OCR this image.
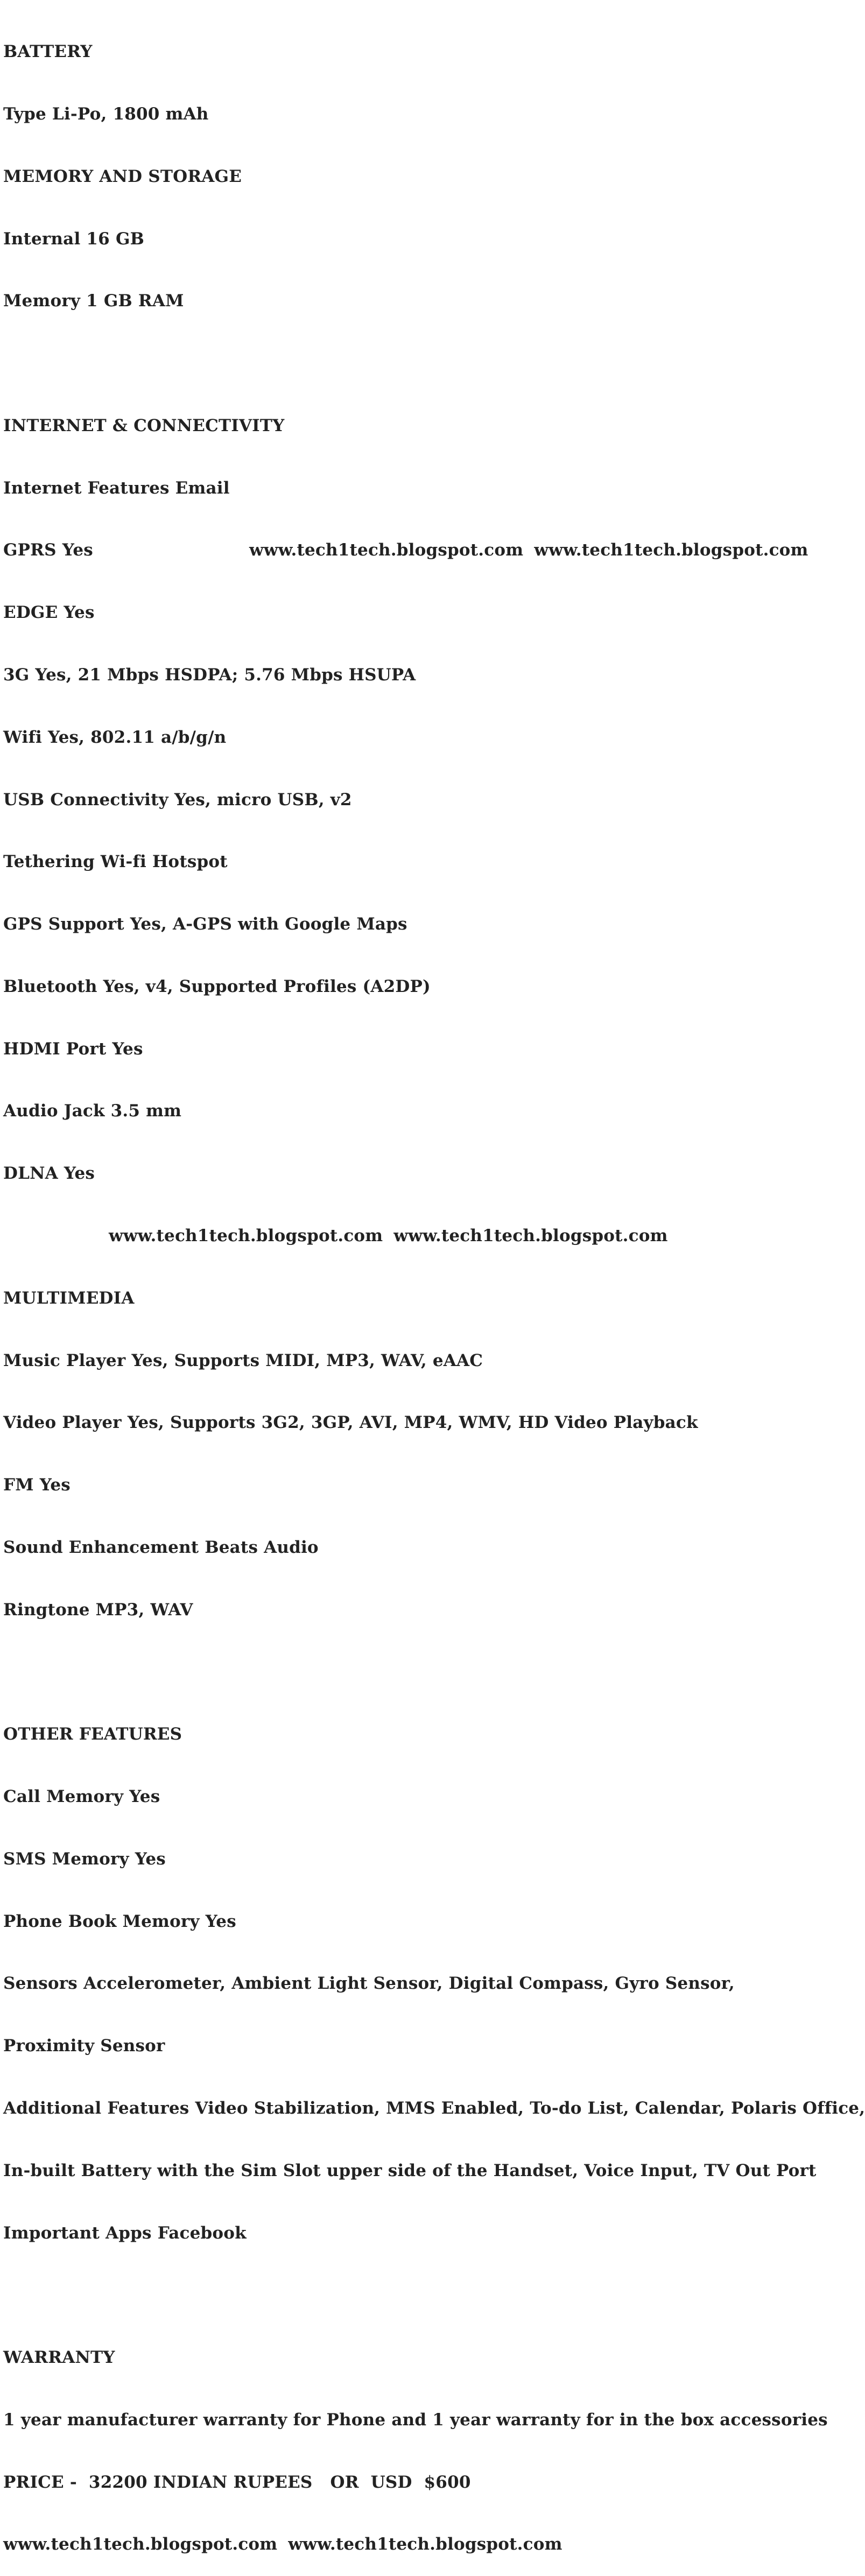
BATTERY

Type Li-Po, 1800 mAh

MEMORY AND STORAGE

Internal 16 GB

Memory 1 GB RAM

INTERNET & CONNECTIVITY

Internet Features Email

GPRS Yes	www.tech1tech.blogspot.com www.tech1tech.blogspot.com

EDGE Yes

3G Yes, 21 Mbps HSDPA; 5.76 Mbps HSUPA

Wifi Yes, 802.11 a/b/g/n

USB Connectivity Yes, micro USB, v2

Tethering Wi-fi Hotspot

GPS Support Yes, A-GPS with Google Maps

Bluetooth Yes, v4, Supported Profiles (A2DP)

HDMI Port Yes

Audio Jack 3.5 mm

DLNA Yes

www.tech1tech.blogspot.com www.tech1tech.blogspot.com

MULTIMEDIA

Music Player Yes, Supports MIDI, MP3, WAV, eAAC

Video Player Yes, Supports 3G2, 3GP, AVI, MP4, WMV, HD Video Playback

FM Yes

Sound Enhancement Beats Audio

Ringtone MP3, WAV

OTHER FEATURES

Call Memory Yes

SMS Memory Yes

Phone Book Memory Yes

Sensors Accelerometer, Ambient Light Sensor, Digital Compass, Gyro Sensor,

Proximity Sensor

Additional Features Video Stabilization, MMS Enabled, To-do List, Calendar, Polaris Office,

In-built Battery with the Sim Slot upper side of the Handset, Voice Input, TV Out Port

Important Apps Facebook

WARRANTY

1 year manufacturer warranty for Phone and 1 year warranty for in the box accessories

PRICE -  32200 INDIAN RUPEES   OR  USD  $600

www.tech1tech.blogspot.com www.tech1tech.blogspot.com
